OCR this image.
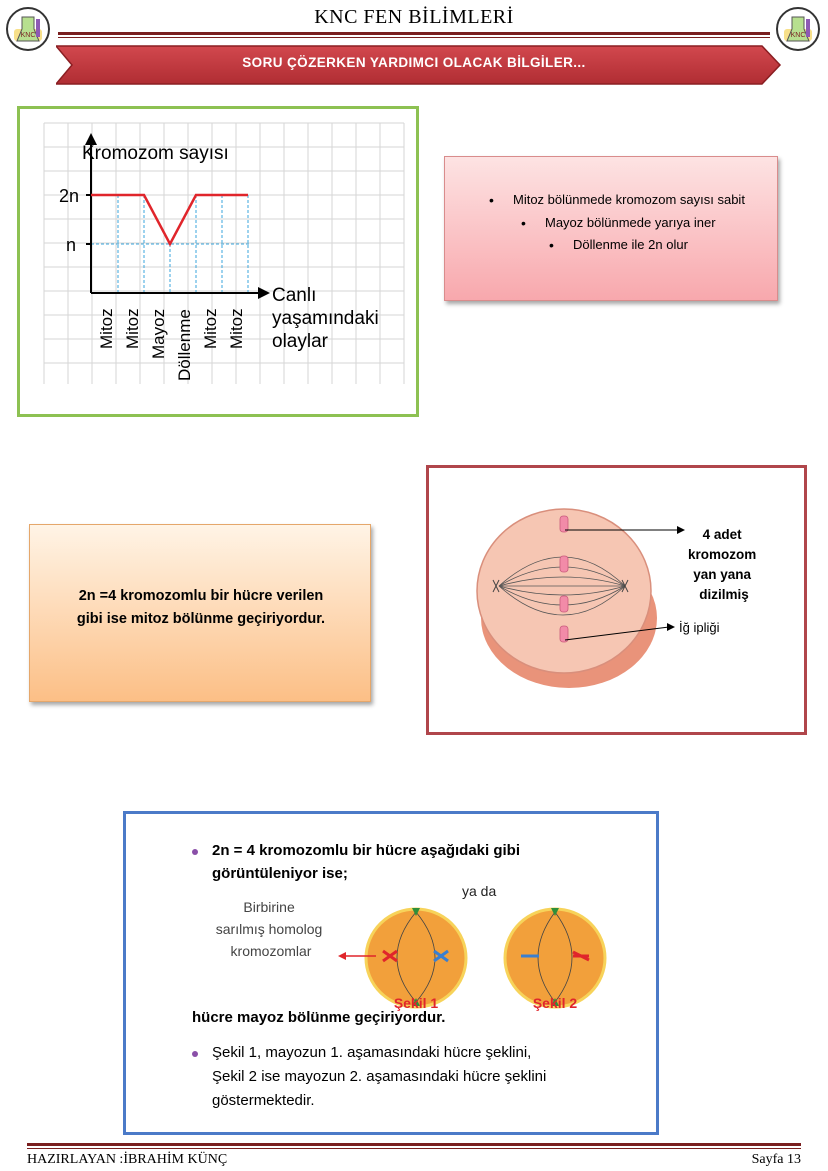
KNC	KNC
KNC FEN BİLİMLERİ
SORU ÇÖZERKEN YARDIMCI OLACAK BİLGİLER...
Kromozom sayısı
2n
n
Canlı
yaşamındaki
olaylar
Mitoz Mitoz Mayoz Döllenme Mitoz Mitoz
• Mitoz bölünmede kromozom sayısı sabit
• Mayoz bölünmede yarıya iner
• Döllenme ile 2n olur
2n =4 kromozomlu bir hücre verilen
gibi ise mitoz bölünme geçiriyordur.
4 adet kromozom yan yana dizilmiş
İğ ipliği
2n = 4 kromozomlu bir hücre aşağıdaki gibi
görüntüleniyor ise;
ya da
Birbirine sarılmış homolog kromozomlar
Şekil 1	Şekil 2
hücre mayoz bölünme geçiriyordur.
Şekil 1, mayozun 1. aşamasındaki hücre şeklini,
Şekil 2 ise mayozun 2. aşamasındaki hücre şeklini
göstermektedir.
HAZIRLAYAN :İBRAHİM KÜNÇ	Sayfa 13
